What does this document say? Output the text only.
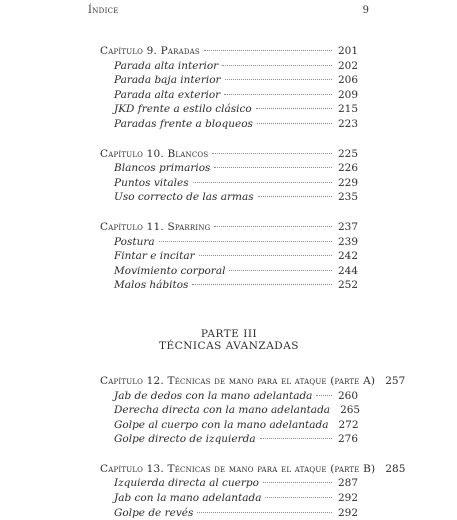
Índice	9
Capítulo 9. Paradas	201
Parada alta interior	202
Parada baja interior	206
Parada alta exterior	209
JKD frente a estilo clásico	215
Paradas frente a bloqueos	223
Capítulo 10. Blancos	225
Blancos primarios	226
Puntos vitales	229
Uso correcto de las armas	235
Capítulo 11. Sparring	237
Postura	239
Fintar e incitar	242
Movimiento corporal	244
Malos hábitos	252
PARTE III
TÉCNICAS AVANZADAS
Capítulo 12. Técnicas de mano para el ataque (parte A) 257
Jab de dedos con la mano adelantada 260
Derecha directa con la mano adelantada 265
Golpe al cuerpo con la mano adelantada 272
Golpe directo de izquierda	276
Capítulo 13. Técnicas de mano para el ataque (parte B) 285
Izquierda directa al cuerpo	287
Jab con la mano adelantada	292
Golpe de revés	292
